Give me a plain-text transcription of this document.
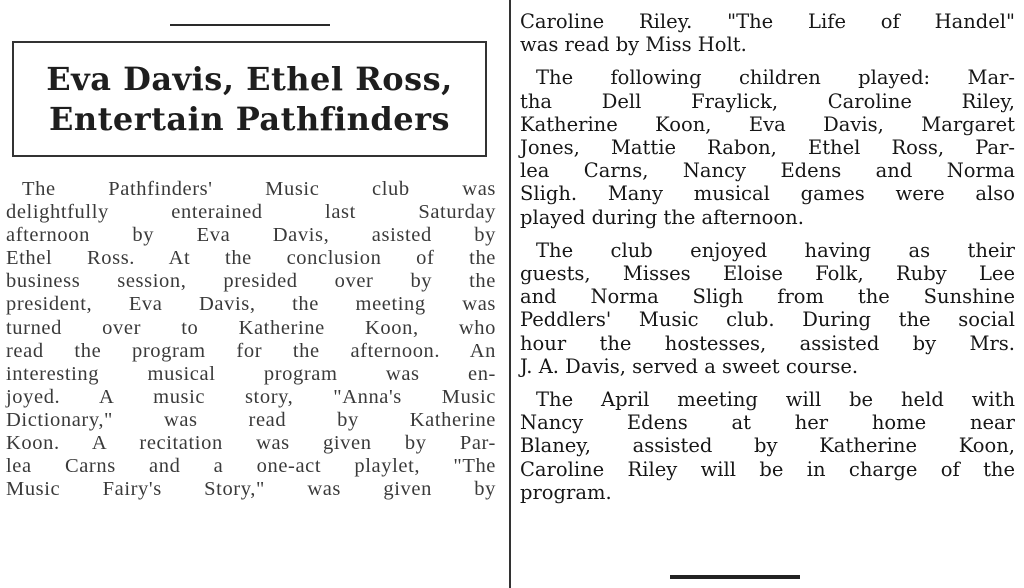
Eva Davis, Ethel Ross,
Entertain Pathfinders
The Pathfinders' Music club was
delightfully enterained last Saturday
afternoon by Eva Davis, asisted by
Ethel Ross. At the conclusion of the
business session, presided over by the
president, Eva Davis, the meeting was
turned over to Katherine Koon, who
read the program for the afternoon. An
interesting musical program was en-
joyed. A music story, "Anna's Music
Dictionary," was read by Katherine
Koon. A recitation was given by Par-
lea Carns and a one-act playlet, "The
Music Fairy's Story," was given by
Caroline Riley. "The Life of Handel"
was read by Miss Holt.
The following children played: Mar-
tha Dell Fraylick, Caroline Riley,
Katherine Koon, Eva Davis, Margaret
Jones, Mattie Rabon, Ethel Ross, Par-
lea Carns, Nancy Edens and Norma
Sligh. Many musical games were also
played during the afternoon.
The club enjoyed having as their
guests, Misses Eloise Folk, Ruby Lee
and Norma Sligh from the Sunshine
Peddlers' Music club. During the social
hour the hostesses, assisted by Mrs.
J. A. Davis, served a sweet course.
The April meeting will be held with
Nancy Edens at her home near
Blaney, assisted by Katherine Koon,
Caroline Riley will be in charge of the
program.
